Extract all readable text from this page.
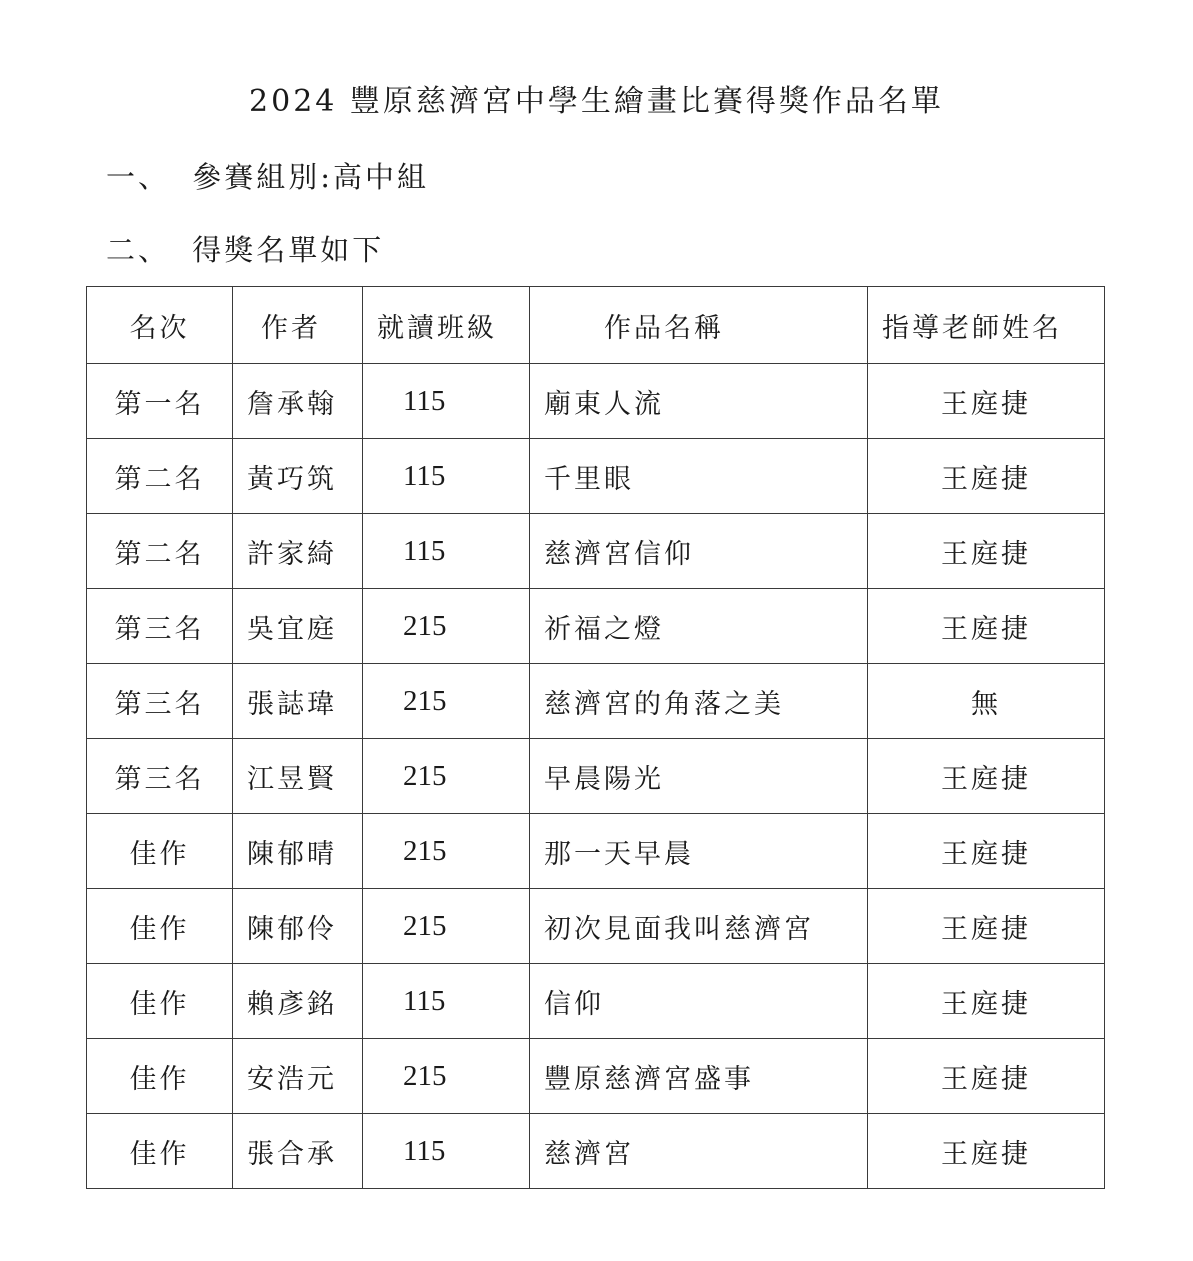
2024 豐原慈濟宮中學生繪畫比賽得獎作品名單
一、 參賽組別:高中組
二、 得獎名單如下
名次	作者	就讀班級	作品名稱	指導老師姓名
第一名	詹承翰	115	廟東人流	王庭捷
第二名	黃巧筑	115	千里眼	王庭捷
第二名	許家綺	115	慈濟宮信仰	王庭捷
第三名	吳宜庭	215	祈福之燈	王庭捷
第三名	張誌瑋	215	慈濟宮的角落之美	無
第三名	江昱賢	215	早晨陽光	王庭捷
佳作	陳郁晴	215	那一天早晨	王庭捷
佳作	陳郁伶	215	初次見面我叫慈濟宮	王庭捷
佳作	賴彥銘	115	信仰	王庭捷
佳作	安浩元	215	豐原慈濟宮盛事	王庭捷
佳作	張合承	115	慈濟宮	王庭捷
